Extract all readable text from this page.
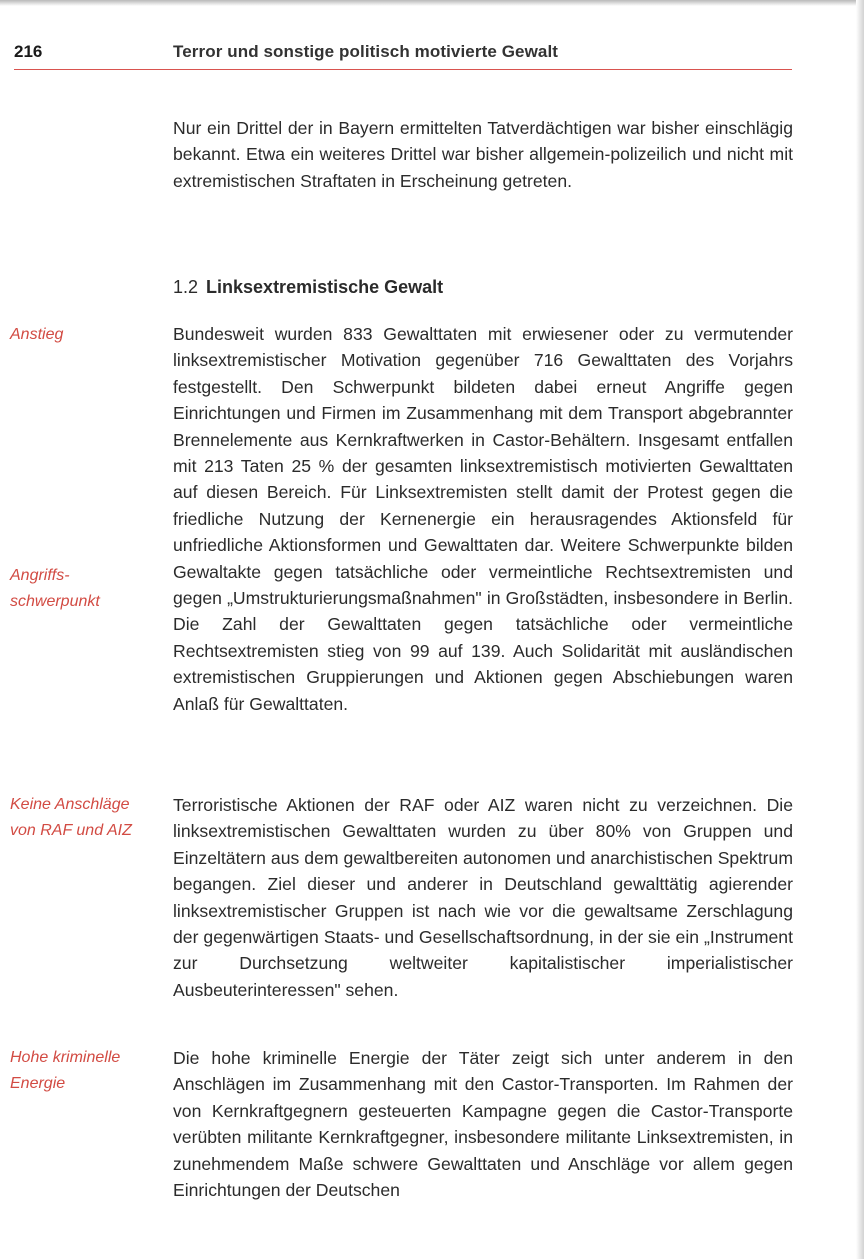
216	Terror und sonstige politisch motivierte Gewalt

Nur ein Drittel der in Bayern ermittelten Tatverdächtigen war bisher einschlägig bekannt. Etwa ein weiteres Drittel war bisher allgemein-polizeilich und nicht mit extremistischen Straftaten in Erscheinung getreten.

1.2 Linksextremistische Gewalt
Anstieg
Angriffs-
schwerpunkt
Keine Anschläge
von RAF und AIZ
Hohe kriminelle
Energie

Bundesweit wurden 833 Gewalttaten mit erwiesener oder zu vermutender linksextremistischer Motivation gegenüber 716 Gewalttaten des Vorjahrs festgestellt. Den Schwerpunkt bildeten dabei erneut Angriffe gegen Einrichtungen und Firmen im Zusammenhang mit dem Transport abgebrannter Brennelemente aus Kernkraftwerken in Castor-Behältern. Insgesamt entfallen mit 213 Taten 25 % der gesamten linksextremistisch motivierten Gewalttaten auf diesen Bereich. Für Linksextremisten stellt damit der Protest gegen die friedliche Nutzung der Kernenergie ein herausragendes Aktionsfeld für unfriedliche Aktionsformen und Gewalttaten dar. Weitere Schwerpunkte bilden Gewaltakte gegen tatsächliche oder vermeintliche Rechtsextremisten und gegen „Umstrukturierungsmaßnahmen" in Großstädten, insbesondere in Berlin. Die Zahl der Gewalttaten gegen tatsächliche oder vermeintliche Rechtsextremisten stieg von 99 auf 139. Auch Solidarität mit ausländischen extremistischen Gruppierungen und Aktionen gegen Abschiebungen waren Anlaß für Gewalttaten.

Terroristische Aktionen der RAF oder AIZ waren nicht zu verzeichnen. Die linksextremistischen Gewalttaten wurden zu über 80% von Gruppen und Einzeltätern aus dem gewaltbereiten autonomen und anarchistischen Spektrum begangen. Ziel dieser und anderer in Deutschland gewalttätig agierender linksextremistischer Gruppen ist nach wie vor die gewaltsame Zerschlagung der gegenwärtigen Staats- und Gesellschaftsordnung, in der sie ein „Instrument zur Durchsetzung weltweiter kapitalistischer imperialistischer Ausbeuterinteressen" sehen.

Die hohe kriminelle Energie der Täter zeigt sich unter anderem in den Anschlägen im Zusammenhang mit den Castor-Transporten. Im Rahmen der von Kernkraftgegnern gesteuerten Kampagne gegen die Castor-Transporte verübten militante Kernkraftgegner, insbesondere militante Linksextremisten, in zunehmendem Maße schwere Gewalttaten und Anschläge vor allem gegen Einrichtungen der Deutschen
